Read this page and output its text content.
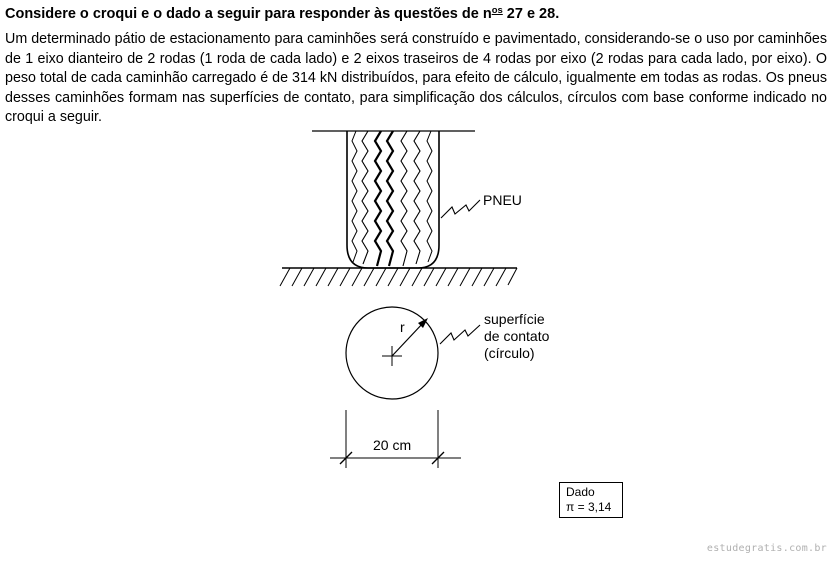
Considere o croqui e o dado a seguir para responder às questões de $n^{os}$ 27 e 28.
Um determinado pátio de estacionamento para caminhões será construído e pavimentado, considerando-se o uso por caminhões de 1 eixo dianteiro de 2 rodas (1 roda de cada lado) e 2 eixos traseiros de 4 rodas por eixo (2 rodas para cada lado, por eixo). O peso total de cada caminhão carregado é de 314 kN distribuídos, para efeito de cálculo, igualmente em todas as rodas. Os pneus desses caminhões formam nas superfícies de contato, para simplificação dos cálculos, círculos com base conforme indicado no croqui a seguir.
PNEU
r	superfície
de contato
(círculo)
20 cm
Dado
π = 3,14
estudegratis.com.br
